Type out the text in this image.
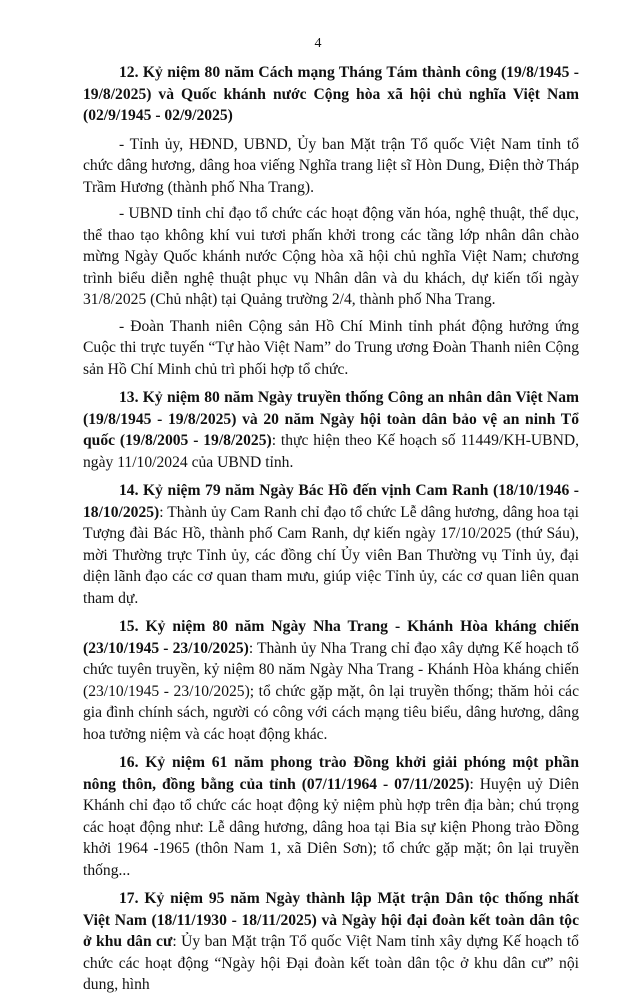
4

12. Kỷ niệm 80 năm Cách mạng Tháng Tám thành công (19/8/1945 - 19/8/2025) và Quốc khánh nước Cộng hòa xã hội chủ nghĩa Việt Nam (02/9/1945 - 02/9/2025)

- Tỉnh ủy, HĐND, UBND, Ủy ban Mặt trận Tổ quốc Việt Nam tỉnh tổ chức dâng hương, dâng hoa viếng Nghĩa trang liệt sĩ Hòn Dung, Điện thờ Tháp Trầm Hương (thành phố Nha Trang).

- UBND tỉnh chỉ đạo tổ chức các hoạt động văn hóa, nghệ thuật, thể dục, thể thao tạo không khí vui tươi phấn khởi trong các tầng lớp nhân dân chào mừng Ngày Quốc khánh nước Cộng hòa xã hội chủ nghĩa Việt Nam; chương trình biểu diễn nghệ thuật phục vụ Nhân dân và du khách, dự kiến tối ngày 31/8/2025 (Chủ nhật) tại Quảng trường 2/4, thành phố Nha Trang.

- Đoàn Thanh niên Cộng sản Hồ Chí Minh tỉnh phát động hưởng ứng Cuộc thi trực tuyến “Tự hào Việt Nam” do Trung ương Đoàn Thanh niên Cộng sản Hồ Chí Minh chủ trì phối hợp tổ chức.

13. Kỷ niệm 80 năm Ngày truyền thống Công an nhân dân Việt Nam (19/8/1945 - 19/8/2025) và 20 năm Ngày hội toàn dân bảo vệ an ninh Tổ quốc (19/8/2005 - 19/8/2025): thực hiện theo Kế hoạch số 11449/KH-UBND, ngày 11/10/2024 của UBND tỉnh.

14. Kỷ niệm 79 năm Ngày Bác Hồ đến vịnh Cam Ranh (18/10/1946 - 18/10/2025): Thành ủy Cam Ranh chỉ đạo tổ chức Lễ dâng hương, dâng hoa tại Tượng đài Bác Hồ, thành phố Cam Ranh, dự kiến ngày 17/10/2025 (thứ Sáu), mời Thường trực Tỉnh ủy, các đồng chí Ủy viên Ban Thường vụ Tỉnh ủy, đại diện lãnh đạo các cơ quan tham mưu, giúp việc Tỉnh ủy, các cơ quan liên quan tham dự.

15. Kỷ niệm 80 năm Ngày Nha Trang - Khánh Hòa kháng chiến (23/10/1945 - 23/10/2025): Thành ủy Nha Trang chỉ đạo xây dựng Kế hoạch tổ chức tuyên truyền, kỷ niệm 80 năm Ngày Nha Trang - Khánh Hòa kháng chiến (23/10/1945 - 23/10/2025); tổ chức gặp mặt, ôn lại truyền thống; thăm hỏi các gia đình chính sách, người có công với cách mạng tiêu biểu, dâng hương, dâng hoa tưởng niệm và các hoạt động khác.

16. Kỷ niệm 61 năm phong trào Đồng khởi giải phóng một phần nông thôn, đồng bằng của tỉnh (07/11/1964 - 07/11/2025): Huyện uỷ Diên Khánh chỉ đạo tổ chức các hoạt động kỷ niệm phù hợp trên địa bàn; chú trọng các hoạt động như: Lễ dâng hương, dâng hoa tại Bia sự kiện Phong trào Đồng khởi 1964 -1965 (thôn Nam 1, xã Diên Sơn); tổ chức gặp mặt; ôn lại truyền thống...

17. Kỷ niệm 95 năm Ngày thành lập Mặt trận Dân tộc thống nhất Việt Nam (18/11/1930 - 18/11/2025) và Ngày hội đại đoàn kết toàn dân tộc ở khu dân cư: Ủy ban Mặt trận Tổ quốc Việt Nam tỉnh xây dựng Kế hoạch tổ chức các hoạt động “Ngày hội Đại đoàn kết toàn dân tộc ở khu dân cư” nội dung, hình
